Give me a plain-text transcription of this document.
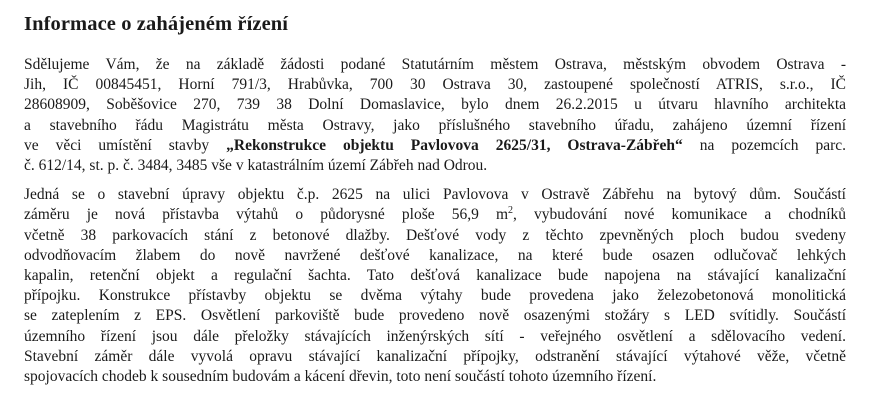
Informace o zahájeném řízení

Sdělujeme Vám, že na základě žádosti podané Statutárním městem Ostrava, městským obvodem Ostrava -
Jih, IČ 00845451, Horní 791/3, Hrabůvka, 700 30 Ostrava 30, zastoupené společností ATRIS, s.r.o., IČ
28608909, Soběšovice 270, 739 38 Dolní Domaslavice, bylo dnem 26.2.2015 u útvaru hlavního architekta
a stavebního řádu Magistrátu města Ostravy, jako příslušného stavebního úřadu, zahájeno územní řízení
ve věci umístění stavby „Rekonstrukce objektu Pavlovova 2625/31, Ostrava-Zábřeh“ na pozemcích parc.
č. 612/14, st. p. č. 3484, 3485 vše v katastrálním území Zábřeh nad Odrou.

Jedná se o stavební úpravy objektu č.p. 2625 na ulici Pavlovova v Ostravě Zábřehu na bytový dům. Součástí
záměru je nová přístavba výtahů o půdorysné ploše 56,9 $m^2$, vybudování nové komunikace a chodníků
včetně 38 parkovacích stání z betonové dlažby. Dešťové vody z těchto zpevněných ploch budou svedeny
odvodňovacím žlabem do nově navržené dešťové kanalizace, na které bude osazen odlučovač lehkých
kapalin, retenční objekt a regulační šachta. Tato dešťová kanalizace bude napojena na stávající kanalizační
přípojku. Konstrukce přístavby objektu se dvěma výtahy bude provedena jako železobetonová monolitická
se zateplením z EPS. Osvětlení parkoviště bude provedeno nově osazenými stožáry s LED svítidly. Součástí
územního řízení jsou dále přeložky stávajících inženýrských sítí - veřejného osvětlení a sdělovacího vedení.
Stavební záměr dále vyvolá opravu stávající kanalizační přípojky, odstranění stávající výtahové věže, včetně
spojovacích chodeb k sousedním budovám a kácení dřevin, toto není součástí tohoto územního řízení.
